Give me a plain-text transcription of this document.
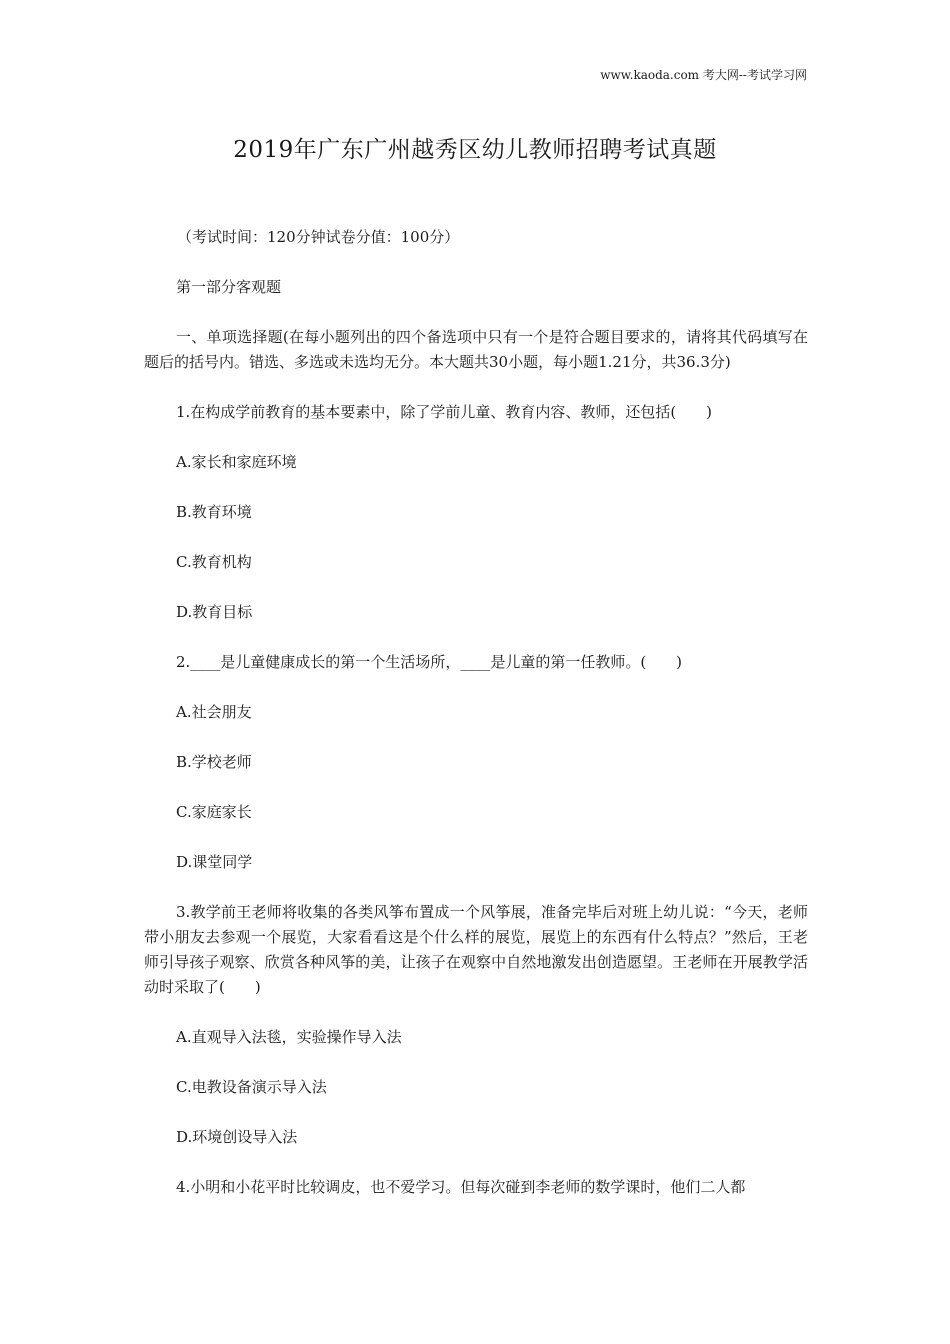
www.kaoda.com 考大网--考试学习网
2019年广东广州越秀区幼儿教师招聘考试真题

（考试时间：120分钟试卷分值：100分）

第一部分客观题

一、单项选择题(在每小题列出的四个备选项中只有一个是符合题目要求的，请将其代码填写在题后的括号内。错选、多选或未选均无分。本大题共30小题，每小题1.21分，共36.3分)

1.在构成学前教育的基本要素中，除了学前儿童、教育内容、教师，还包括(　　)

A.家长和家庭环境

B.教育环境

C.教育机构

D.教育目标

2.____是儿童健康成长的第一个生活场所，____是儿童的第一任教师。(　　)

A.社会朋友

B.学校老师

C.家庭家长

D.课堂同学

3.教学前王老师将收集的各类风筝布置成一个风筝展，准备完毕后对班上幼儿说：“今天，老师带小朋友去参观一个展览，大家看看这是个什么样的展览，展览上的东西有什么特点？”然后，王老师引导孩子观察、欣赏各种风筝的美，让孩子在观察中自然地激发出创造愿望。王老师在开展教学活动时采取了(　　)

A.直观导入法毯，实验操作导入法

C.电教设备演示导入法

D.环境创设导入法

4.小明和小花平时比较调皮，也不爱学习。但每次碰到李老师的数学课时，他们二人都
